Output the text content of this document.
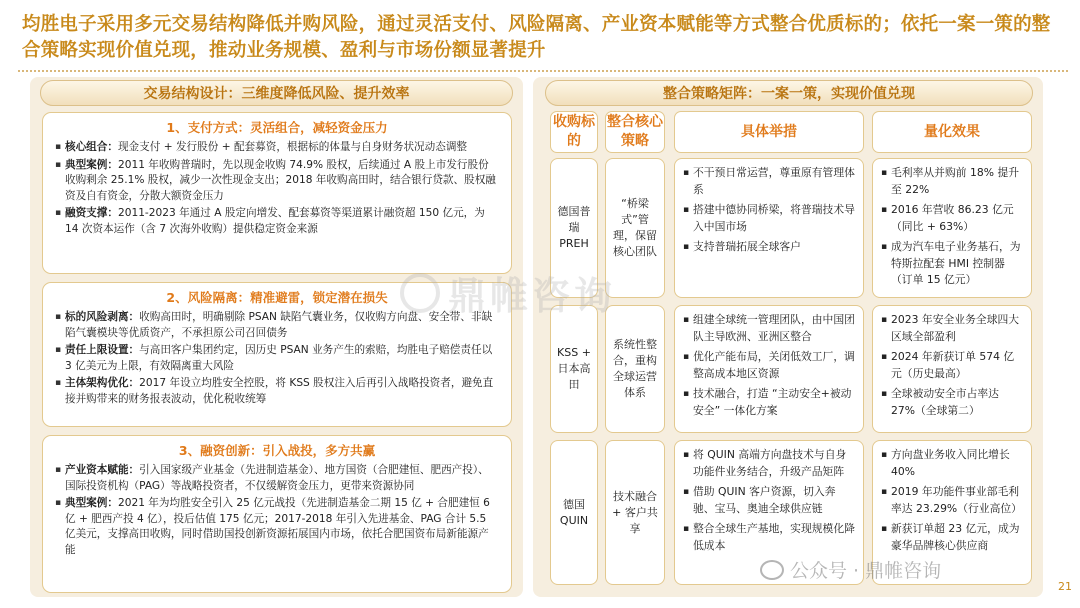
均胜电子采用多元交易结构降低并购风险，通过灵活支付、风险隔离、产业资本赋能等方式整合优质标的；依托一案一策的整合策略实现价值兑现，推动业务规模、盈利与市场份额显著提升
交易结构设计：三维度降低风险、提升效率
1、支付方式：灵活组合，减轻资金压力
▪ 核心组合：现金支付 + 发行股份 + 配套募资，根据标的体量与自身财务状况动态调整
▪ 典型案例：2011 年收购普瑞时，先以现金收购 74.9% 股权，后续通过 A 股上市发行股份收购剩余 25.1% 股权，减少一次性现金支出；2018 年收购高田时，结合银行贷款、股权融资及自有资金，分散大额资金压力
▪ 融资支撑：2011-2023 年通过 A 股定向增发、配套募资等渠道累计融资超 150 亿元，为 14 次资本运作（含 7 次海外收购）提供稳定资金来源
2、风险隔离：精准避雷，锁定潜在损失
▪ 标的风险剥离：收购高田时，明确剔除 PSAN 缺陷气囊业务，仅收购方向盘、安全带、非缺陷气囊模块等优质资产，不承担原公司召回债务
▪ 责任上限设置：与高田客户集团约定，因历史 PSAN 业务产生的索赔，均胜电子赔偿责任以 3 亿美元为上限，有效隔离重大风险
▪ 主体架构优化：2017 年设立均胜安全控股，将 KSS 股权注入后再引入战略投资者，避免直接并购带来的财务报表波动，优化税收统筹
3、融资创新：引入战投，多方共赢
▪ 产业资本赋能：引入国家级产业基金（先进制造基金）、地方国资（合肥建恒、肥西产投）、国际投资机构（PAG）等战略投资者，不仅缓解资金压力，更带来资源协同
▪ 典型案例：2021 年为均胜安全引入 25 亿元战投（先进制造基金二期 15 亿 + 合肥建恒 6 亿 + 肥西产投 4 亿），投后估值 175 亿元；2017-2018 年引入先进基金、PAG 合计 5.5 亿美元，支撑高田收购，同时借助国投创新资源拓展国内市场，依托合肥国资布局新能源产能
整合策略矩阵：一案一策，实现价值兑现
收购标的
整合核心策略
具体举措	量化效果
德国普瑞PREH
“桥梁式”管理，保留核心团队
▪ 不干预日常运营，尊重原有管理体系
▪ 搭建中德协同桥梁，将普瑞技术导入中国市场
▪ 支持普瑞拓展全球客户
▪ 毛利率从并购前 18% 提升至 22%
▪ 2016 年营收 86.23 亿元（同比 + 63%）
▪ 成为汽车电子业务基石，为特斯拉配套 HMI 控制器（订单 15 亿元）
KSS + 日本高田
系统性整合，重构全球运营体系
▪ 组建全球统一管理团队，由中国团队主导欧洲、亚洲区整合
▪ 优化产能布局，关闭低效工厂，调整高成本地区资源
▪ 技术融合，打造 “主动安全+被动安全” 一体化方案
▪ 2023 年安全业务全球四大区域全部盈利
▪ 2024 年新获订单 574 亿元（历史最高）
▪ 全球被动安全市占率达 27%（全球第二）
德国QUIN
技术融合 + 客户共享
▪ 将 QUIN 高端方向盘技术与自身功能件业务结合，升级产品矩阵
▪ 借助 QUIN 客户资源，切入奔驰、宝马、奥迪全球供应链
▪ 整合全球生产基地，实现规模化降低成本
▪ 方向盘业务收入同比增长 40%
▪ 2019 年功能件事业部毛利率达 23.29%（行业高位）
▪ 新获订单超 23 亿元，成为豪华品牌核心供应商
鼎帷咨询
公众号 · 鼎帷咨询
21
